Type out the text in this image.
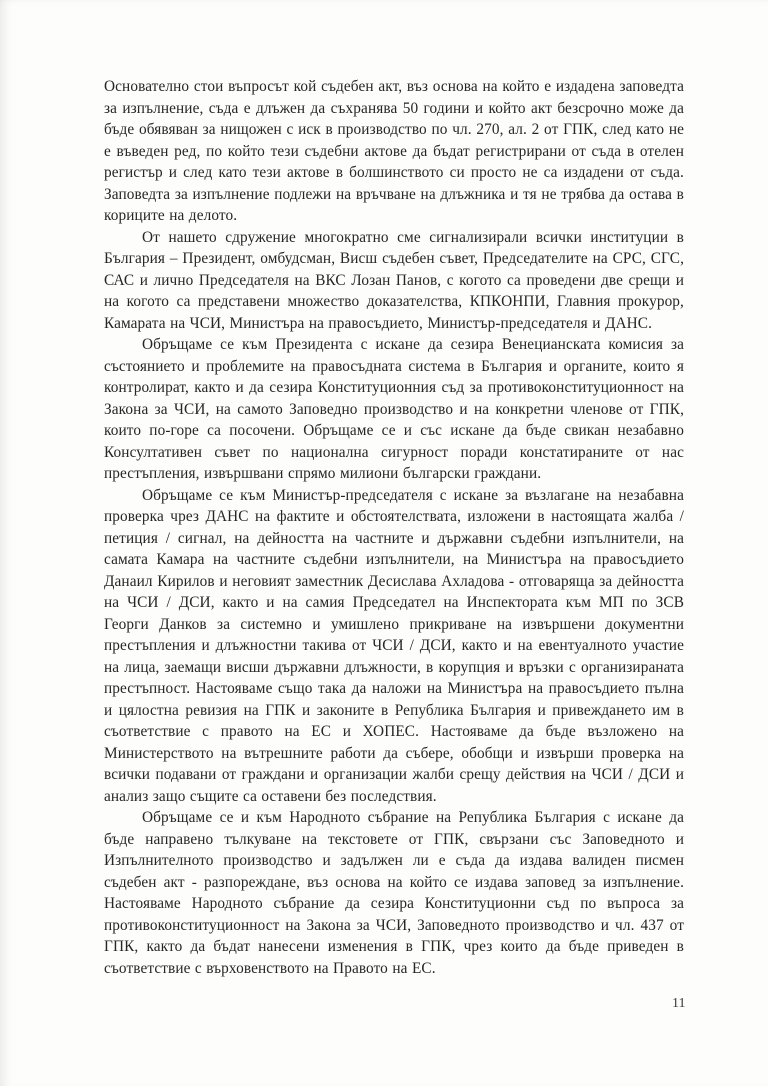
Основателно стои въпросът кой съдебен акт, въз основа на който е издадена заповедта за изпълнение, съда е длъжен да съхранява 50 години и който акт безсрочно може да бъде обявяван за нищожен с иск в производство по чл. 270, ал. 2 от ГПК, след като не е въведен ред, по който тези съдебни актове да бъдат регистрирани от съда в отелен регистър и след като тези актове в болшинството си просто не са издадени от съда. Заповедта за изпълнение подлежи на връчване на длъжника и тя не трябва да остава в кориците на делото.

От нашето сдружение многократно сме сигнализирали всички институции в България – Президент, омбудсман, Висш съдебен съвет, Председателите на СРС, СГС, САС и лично Председателя на ВКС Лозан Панов, с когото са проведени две срещи и на когото са представени множество доказателства, КПКОНПИ, Главния прокурор, Камарата на ЧСИ, Министъра на правосъдието, Министър-председателя и ДАНС.

Обръщаме се към Президента с искане да сезира Венецианската комисия за състоянието и проблемите на правосъдната система в България и органите, които я контролират, както и да сезира Конституционния съд за противоконституционност на Закона за ЧСИ, на самото Заповедно производство и на конкретни членове от ГПК, които по-горе са посочени. Обръщаме се и със искане да бъде свикан незабавно Консултативен съвет по национална сигурност поради констатираните от нас престъпления, извършвани спрямо милиони български граждани.

Обръщаме се към Министър-председателя с искане за възлагане на незабавна проверка чрез ДАНС на фактите и обстоятелствата, изложени в настоящата жалба / петиция / сигнал, на дейността на частните и държавни съдебни изпълнители, на самата Камара на частните съдебни изпълнители, на Министъра на правосъдието Данаил Кирилов и неговият заместник Десислава Ахладова - отговаряща за дейността на ЧСИ / ДСИ, както и на самия Председател на Инспектората към МП по ЗСВ Георги Данков за системно и умишлено прикриване на извършени документни престъпления и длъжностни такива от ЧСИ / ДСИ, както и на евентуалното участие на лица, заемащи висши държавни длъжности, в корупция и връзки с организираната престъпност. Настояваме също така да наложи на Министъра на правосъдието пълна и цялостна ревизия на ГПК и законите в Република България и привеждането им в съответствие с правото на ЕС и ХОПЕС. Настояваме да бъде възложено на Министерството на вътрешните работи да събере, обобщи и извърши проверка на всички подавани от граждани и организации жалби срещу действия на ЧСИ / ДСИ и анализ защо същите са оставени без последствия.

Обръщаме се и към Народното събрание на Република България с искане да бъде направено тълкуване на текстовете от ГПК, свързани със Заповедното и Изпълнителното производство и задължен ли е съда да издава валиден писмен съдебен акт - разпореждане, въз основа на който се издава заповед за изпълнение. Настояваме Народното събрание да сезира Конституционни съд по въпроса за противоконституционност на Закона за ЧСИ, Заповедното производство и чл. 437 от ГПК, както да бъдат нанесени изменения в ГПК, чрез които да бъде приведен в съответствие с върховенството на Правото на ЕС.

11
